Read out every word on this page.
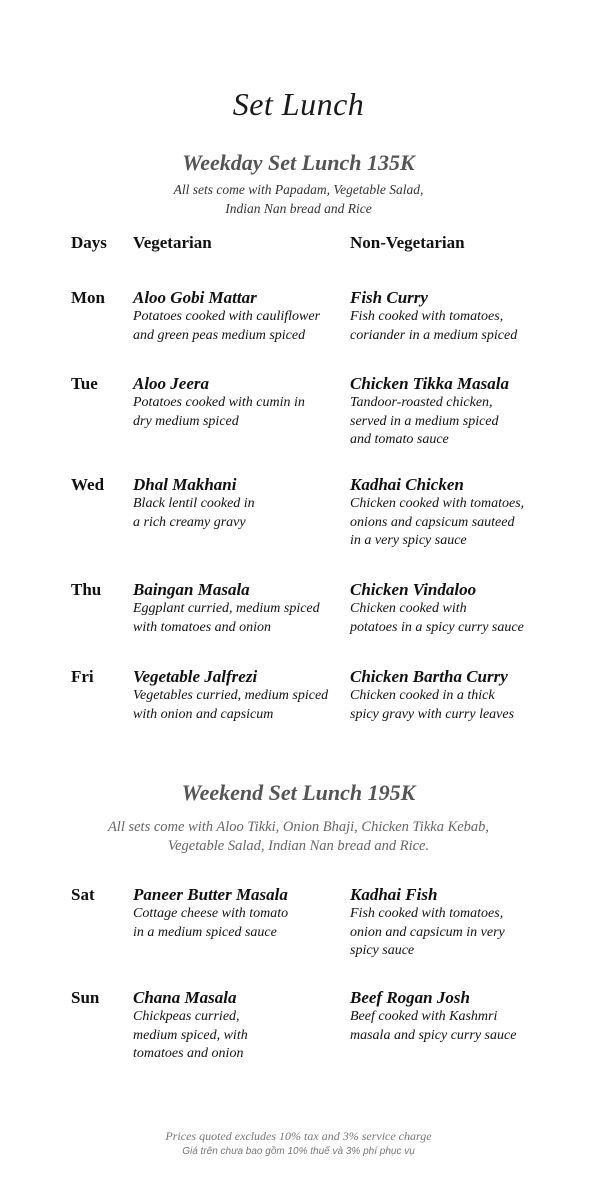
Set Lunch
Weekday Set Lunch 135K
All sets come with Papadam, Vegetable Salad,
Indian Nan bread and Rice
Days Vegetarian	Non-Vegetarian
Mon Aloo Gobi Mattar
Potatoes cooked with cauliflower
and green peas medium spiced
Fish Curry
Fish cooked with tomatoes,
coriander in a medium spiced
Tue Aloo Jeera
Potatoes cooked with cumin in
dry medium spiced
Chicken Tikka Masala
Tandoor-roasted chicken,
served in a medium spiced
and tomato sauce
Wed Dhal Makhani
Black lentil cooked in
a rich creamy gravy
Kadhai Chicken
Chicken cooked with tomatoes,
onions and capsicum sauteed
in a very spicy sauce
Thu Baingan Masala
Eggplant curried, medium spiced
with tomatoes and onion
Chicken Vindaloo
Chicken cooked with
potatoes in a spicy curry sauce
Fri Vegetable Jalfrezi
Vegetables curried, medium spiced
with onion and capsicum
Chicken Bartha Curry
Chicken cooked in a thick
spicy gravy with curry leaves
Weekend Set Lunch 195K
All sets come with Aloo Tikki, Onion Bhaji, Chicken Tikka Kebab,
Vegetable Salad, Indian Nan bread and Rice.
Sat Paneer Butter Masala
Cottage cheese with tomato
in a medium spiced sauce
Kadhai Fish
Fish cooked with tomatoes,
onion and capsicum in very
spicy sauce
Sun Chana Masala
Chickpeas curried,
medium spiced, with
tomatoes and onion
Beef Rogan Josh
Beef cooked with Kashmri
masala and spicy curry sauce
Prices quoted excludes 10% tax and 3% service charge
Giá trên chưa bao gồm 10% thuế và 3% phí phục vụ
